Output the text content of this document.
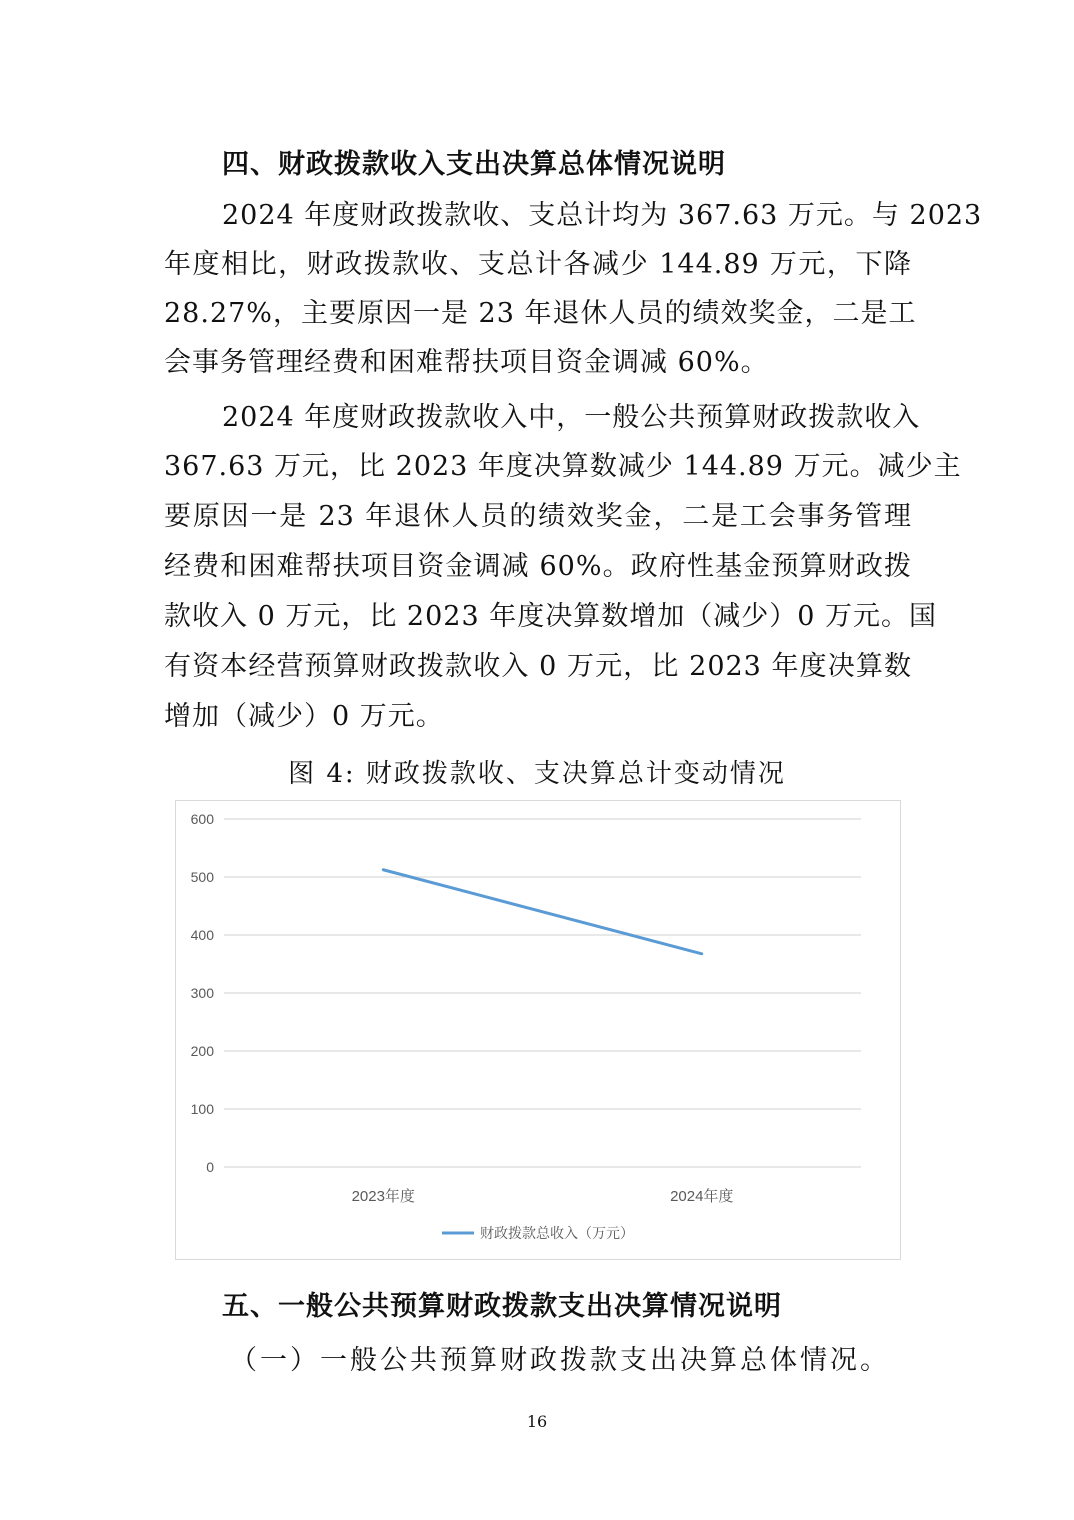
四、财政拨款收入支出决算总体情况说明
2024 年度财政拨款收、支总计均为 367.63 万元。与 2023
年度相比，财政拨款收、支总计各减少 144.89 万元，下降
28.27%，主要原因一是 23 年退休人员的绩效奖金，二是工
会事务管理经费和困难帮扶项目资金调减 60%。
2024 年度财政拨款收入中，一般公共预算财政拨款收入
367.63 万元，比 2023 年度决算数减少 144.89 万元。减少主
要原因一是 23 年退休人员的绩效奖金，二是工会事务管理
经费和困难帮扶项目资金调减 60%。政府性基金预算财政拨
款收入 0 万元，比 2023 年度决算数增加（减少）0 万元。国
有资本经营预算财政拨款收入 0 万元，比 2023 年度决算数
增加（减少）0 万元。
图 4: 财政拨款收、支决算总计变动情况
0
100
200
300
400
500
600
2023年度	2024年度
财政拨款总收入（万元）
五、一般公共预算财政拨款支出决算情况说明
（一）一般公共预算财政拨款支出决算总体情况。
16
